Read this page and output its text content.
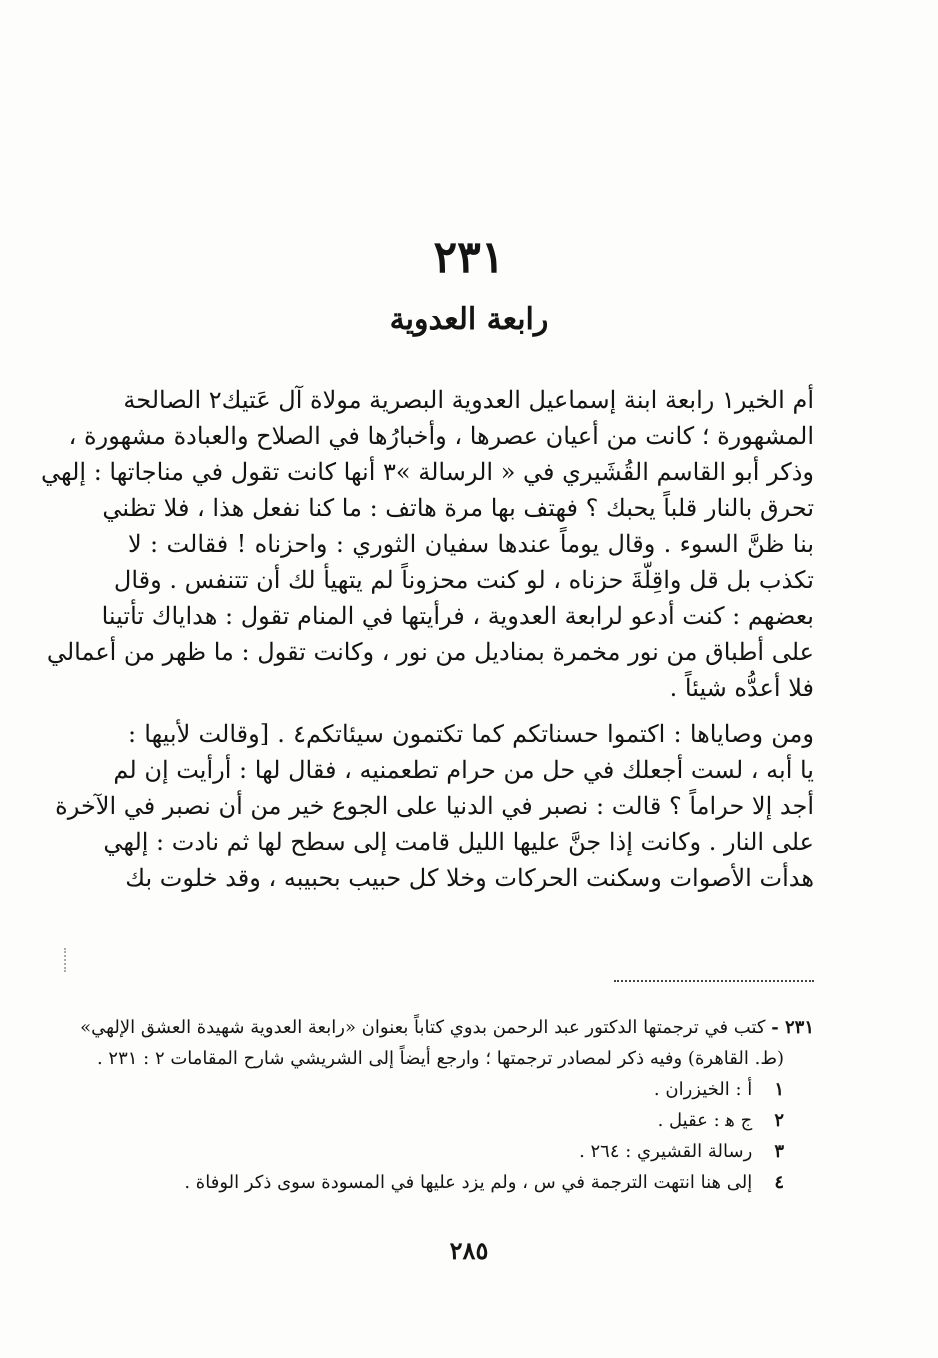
٢٣١
رابعة العدوية
أم الخير١ رابعة ابنة إسماعيل العدوية البصرية مولاة آل عَتيك٢ الصالحة
المشهورة ؛ كانت من أعيان عصرها ، وأخبارُها في الصلاح والعبادة مشهورة ،
وذكر أبو القاسم القُشَيري في « الرسالة »٣ أنها كانت تقول في مناجاتها : إلهي
تحرق بالنار قلباً يحبك ؟ فهتف بها مرة هاتف : ما كنا نفعل هذا ، فلا تظني
بنا ظنَّ السوء . وقال يوماً عندها سفيان الثوري : واحزناه ! فقالت : لا
تكذب بل قل واقِلّةَ حزناه ، لو كنت محزوناً لم يتهيأ لك أن تتنفس . وقال
بعضهم : كنت أدعو لرابعة العدوية ، فرأيتها في المنام تقول : هداياك تأتينا
على أطباق من نور مخمرة بمناديل من نور ، وكانت تقول : ما ظهر من أعمالي
فلا أعدُّه شيئاً .
ومن وصاياها : اكتموا حسناتكم كما تكتمون سيئاتكم٤ . [وقالت لأبيها :
يا أبه ، لست أجعلك في حل من حرام تطعمنيه ، فقال لها : أرأيت إن لم
أجد إلا حراماً ؟ قالت : نصبر في الدنيا على الجوع خير من أن نصبر في الآخرة
على النار . وكانت إذا جنَّ عليها الليل قامت إلى سطح لها ثم نادت : إلهي
هدأت الأصوات وسكنت الحركات وخلا كل حبيب بحبيبه ، وقد خلوت بك
٢٣١ - كتب في ترجمتها الدكتور عبد الرحمن بدوي كتاباً بعنوان «رابعة العدوية شهيدة العشق الإلهي»
(ط. القاهرة) وفيه ذكر لمصادر ترجمتها ؛ وارجع أيضاً إلى الشريشي شارح المقامات ٢ : ٢٣١ .
١ أ : الخيزران .
٢ ج ﻫ : عقيل .
٣ رسالة القشيري : ٢٦٤ .
٤ إلى هنا انتهت الترجمة في س ، ولم يزد عليها في المسودة سوى ذكر الوفاة .
٢٨٥
